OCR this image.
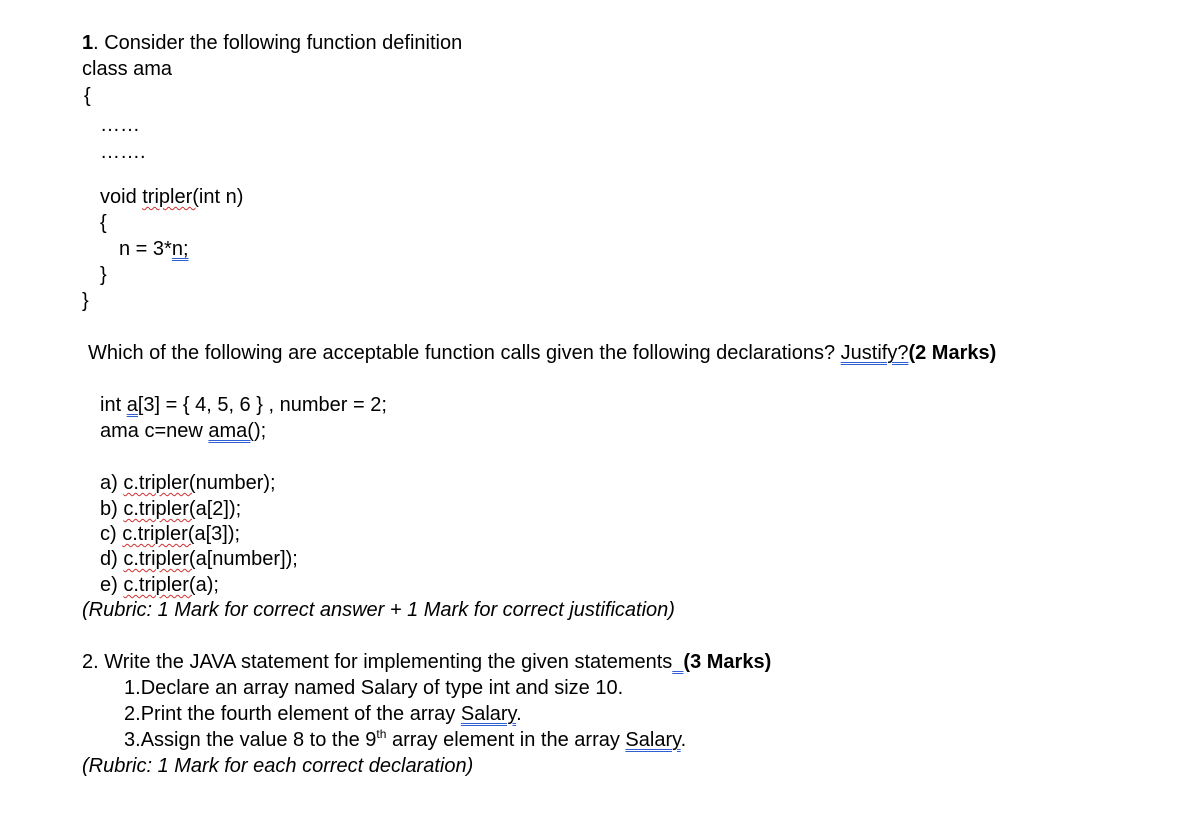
1. Consider the following function definition
class ama
{
……
…….
void tripler(int n)
{
n = 3*n;
}
}
Which of the following are acceptable function calls given the following declarations? Justify?(2 Marks)
int a[3] = { 4, 5, 6 } , number = 2;
ama c=new ama();
a) c.tripler(number);
b) c.tripler(a[2]);
c) c.tripler(a[3]);
d) c.tripler(a[number]);
e) c.tripler(a);
(Rubric: 1 Mark for correct answer + 1 Mark for correct justification)
2. Write the JAVA statement for implementing the given statements (3 Marks)
1.Declare an array named Salary of type int and size 10.
2.Print the fourth element of the array Salary.
3.Assign the value 8 to the 9th array element in the array Salary.
(Rubric: 1 Mark for each correct declaration)
